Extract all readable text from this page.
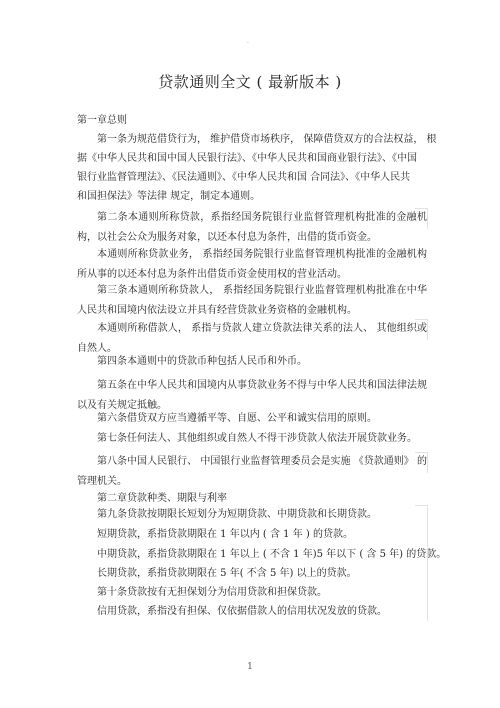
.
贷款通则全文 ( 最新版本 )
第一章总则
第一条为规范借贷行为， 维护借贷市场秩序， 保障借贷双方的合法权益， 根
据《中华人民共和国中国人民银行法》、《中华人民共和国商业银行法》、《中国
银行业监督管理法》、《民法通则》、《中华人民共和国 合同法》、《中华人民共
和国担保法》等法律 规定，制定本通则。
第二条本通则所称贷款，系指经国务院银行业监督管理机构批准的金融机构，以社会公众为服务对象，以还本付息为条件，出借的货币资金。
本通则所称贷款业务， 系指经国务院银行业监督管理机构批准的金融机构所从事的以还本付息为条件出借货币资金使用权的营业活动。
第三条本通则所称贷款人， 系指经国务院银行业监督管理机构批准在中华人民共和国境内依法设立并具有经营贷款业务资格的金融机构。
本通则所称借款人， 系指与贷款人建立贷款法律关系的法人、 其他组织或自然人。
第四条本通则中的贷款币种包括人民币和外币。
第五条在中华人民共和国境内从事贷款业务不得与中华人民共和国法律法规以及有关规定抵触。
第六条借贷双方应当遵循平等、自愿、公平和诚实信用的原则。
第七条任何法人、其他组织或自然人不得干涉贷款人依法开展贷款业务。
第八条中国人民银行、 中国银行业监督管理委员会是实施 《贷款通则》 的管理机关。
第二章贷款种类、期限与利率
第九条贷款按期限长短划分为短期贷款、中期贷款和长期贷款。
短期贷款，系指贷款期限在 1 年以内 ( 含 1 年 ) 的贷款。
中期贷款，系指贷款期限在 1 年以上 ( 不含 1 年)5 年以下 ( 含 5 年) 的贷款。
长期贷款，系指贷款期限在 5 年( 不含 5 年) 以上的贷款。
第十条贷款按有无担保划分为信用贷款和担保贷款。
信用贷款，系指没有担保、仅依据借款人的信用状况发放的贷款。
1
